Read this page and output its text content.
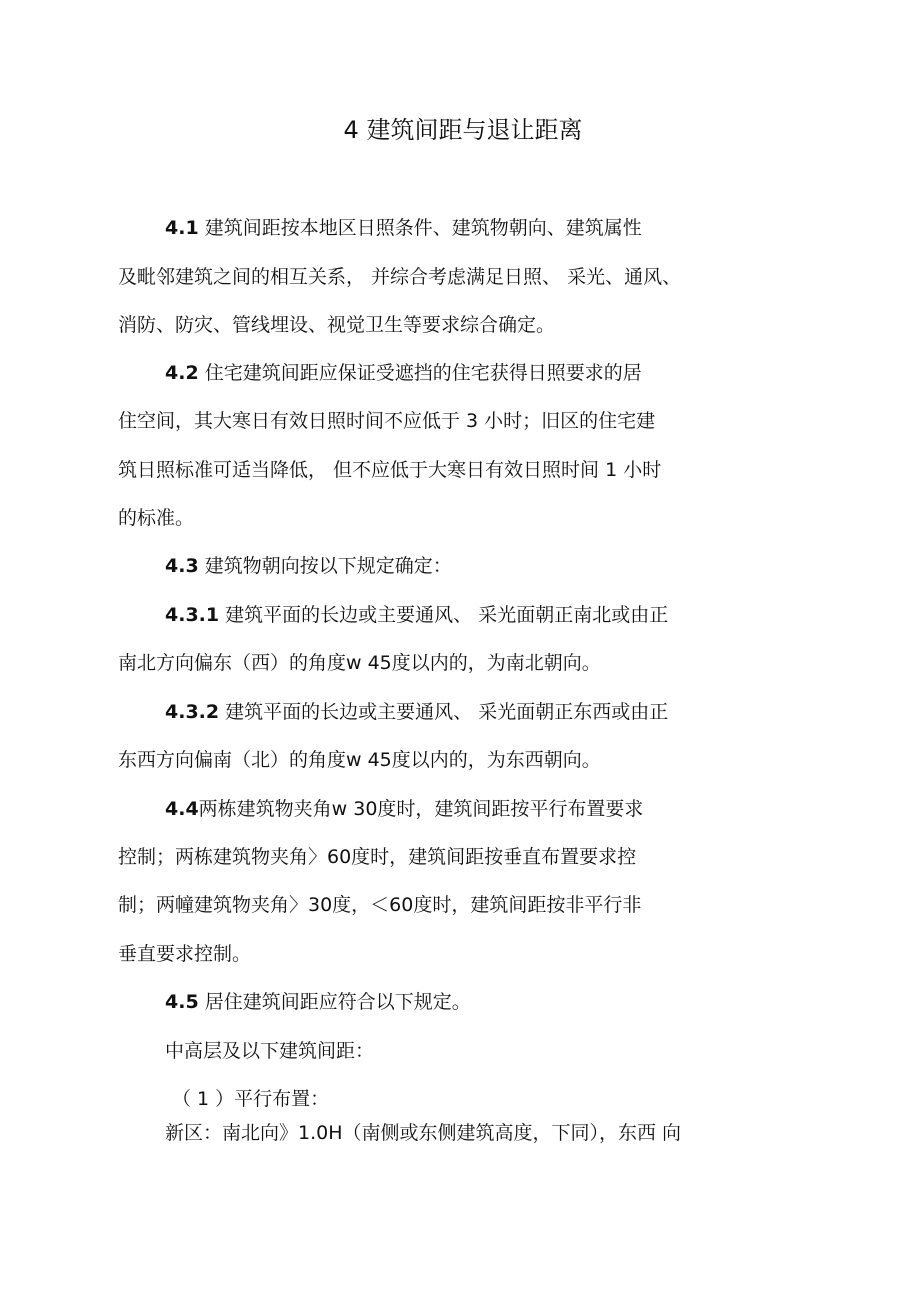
4 建筑间距与退让距离

4.1 建筑间距按本地区日照条件、建筑物朝向、建筑属性

及毗邻建筑之间的相互关系， 并综合考虑满足日照、 采光、通风、

消防、防灾、管线埋设、视觉卫生等要求综合确定。

4.2 住宅建筑间距应保证受遮挡的住宅获得日照要求的居

住空间，其大寒日有效日照时间不应低于 3 小时；旧区的住宅建

筑日照标准可适当降低， 但不应低于大寒日有效日照时间 1 小时

的标准。

4.3 建筑物朝向按以下规定确定：

4.3.1 建筑平面的长边或主要通风、 采光面朝正南北或由正

南北方向偏东（西）的角度w 45度以内的，为南北朝向。

4.3.2 建筑平面的长边或主要通风、 采光面朝正东西或由正

东西方向偏南（北）的角度w 45度以内的，为东西朝向。

4.4两栋建筑物夹角w 30度时，建筑间距按平行布置要求

控制；两栋建筑物夹角〉60度时，建筑间距按垂直布置要求控

制；两幢建筑物夹角〉30度，＜60度时，建筑间距按非平行非

垂直要求控制。

4.5 居住建筑间距应符合以下规定。

中高层及以下建筑间距：

（ 1 ）平行布置：

新区：南北向》1.0H（南侧或东侧建筑高度，下同），东西 向
